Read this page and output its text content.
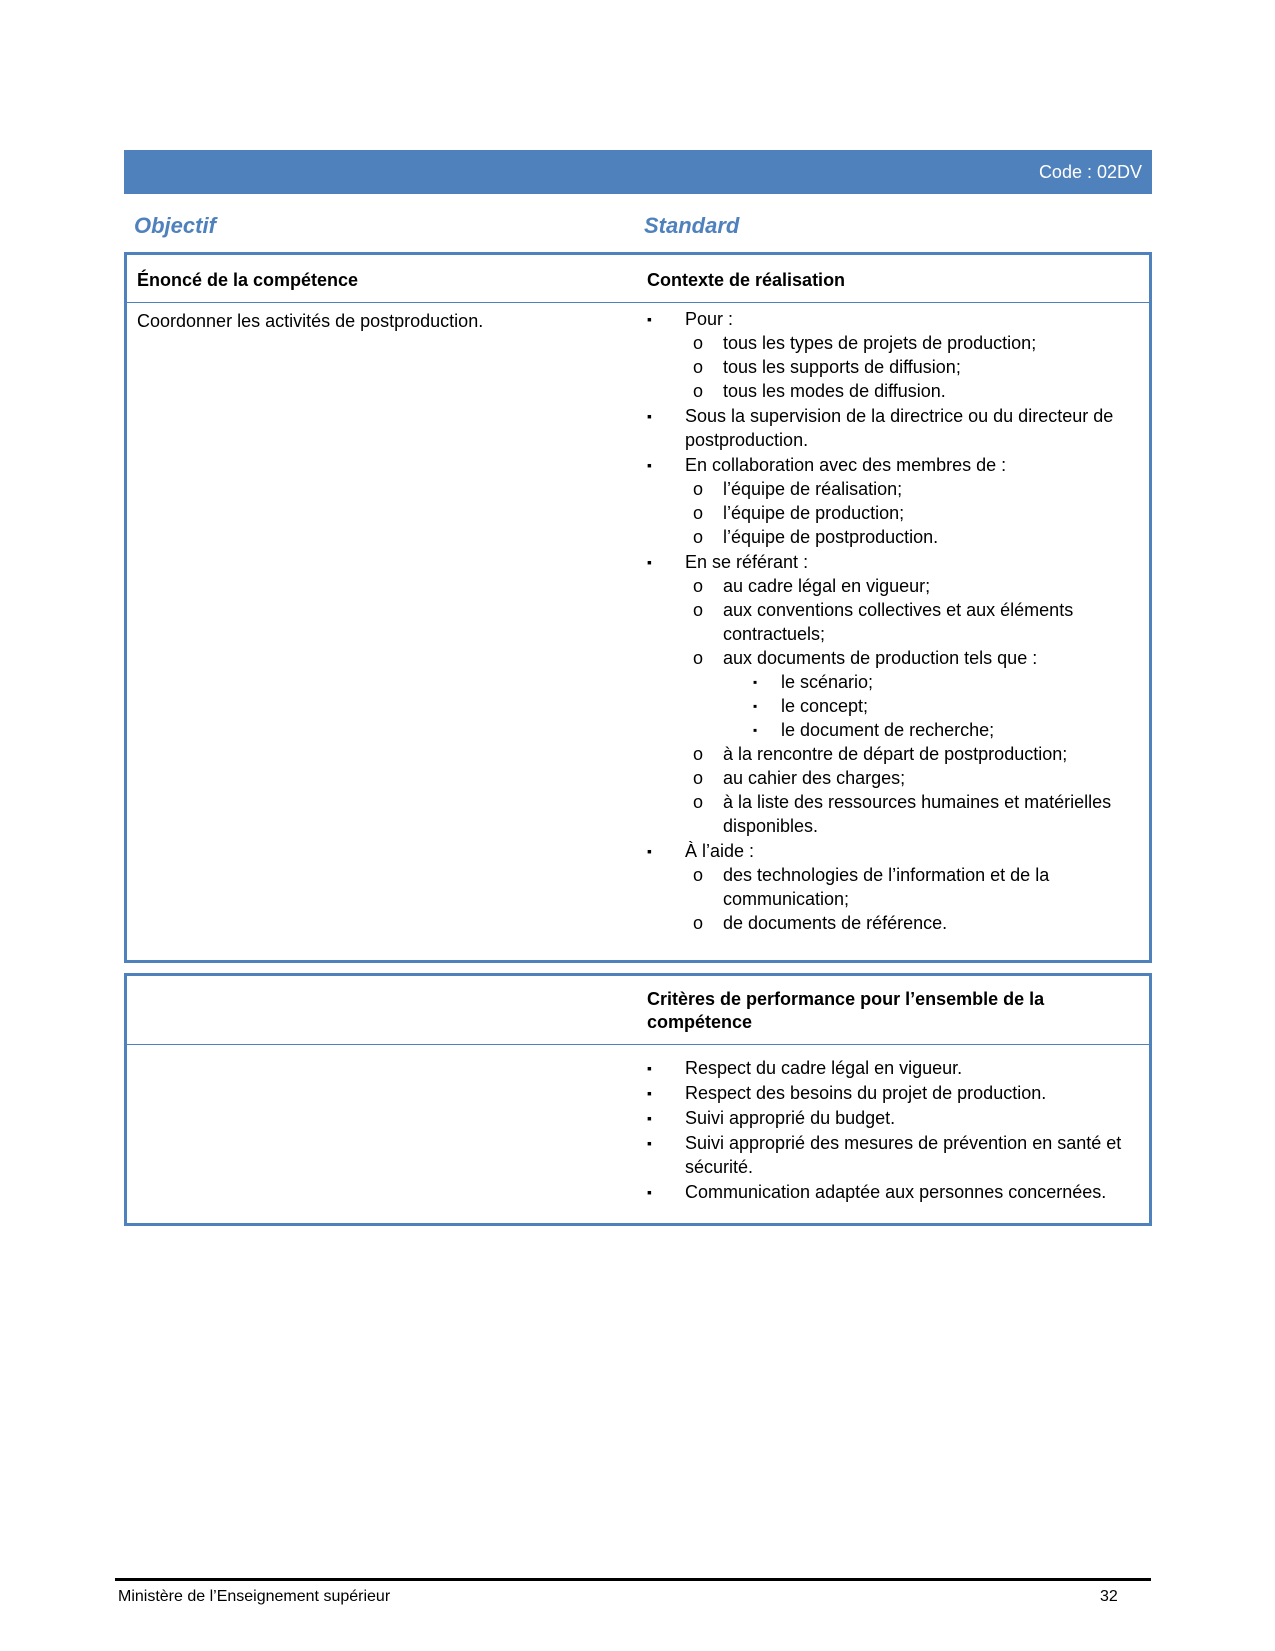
Code : 02DV
Objectif	Standard
Énoncé de la compétence	Contexte de réalisation
Coordonner les activités de postproduction.	▪ Pour :
o tous les types de projets de production;
o tous les supports de diffusion;
o tous les modes de diffusion.
▪ Sous la supervision de la directrice ou du directeur de postproduction.
▪ En collaboration avec des membres de :
o l’équipe de réalisation;
o l’équipe de production;
o l’équipe de postproduction.
▪ En se référant :
o au cadre légal en vigueur;
o aux conventions collectives et aux éléments contractuels;
o aux documents de production tels que :
▪ le scénario;
▪ le concept;
▪ le document de recherche;
o à la rencontre de départ de postproduction;
o au cahier des charges;
o à la liste des ressources humaines et matérielles disponibles.
▪ À l’aide :
o des technologies de l’information et de la communication;
o de documents de référence.
Critères de performance pour l’ensemble de la compétence
▪ Respect du cadre légal en vigueur.
▪ Respect des besoins du projet de production.
▪ Suivi approprié du budget.
▪ Suivi approprié des mesures de prévention en santé et sécurité.
▪ Communication adaptée aux personnes concernées.
Ministère de l’Enseignement supérieur	32
